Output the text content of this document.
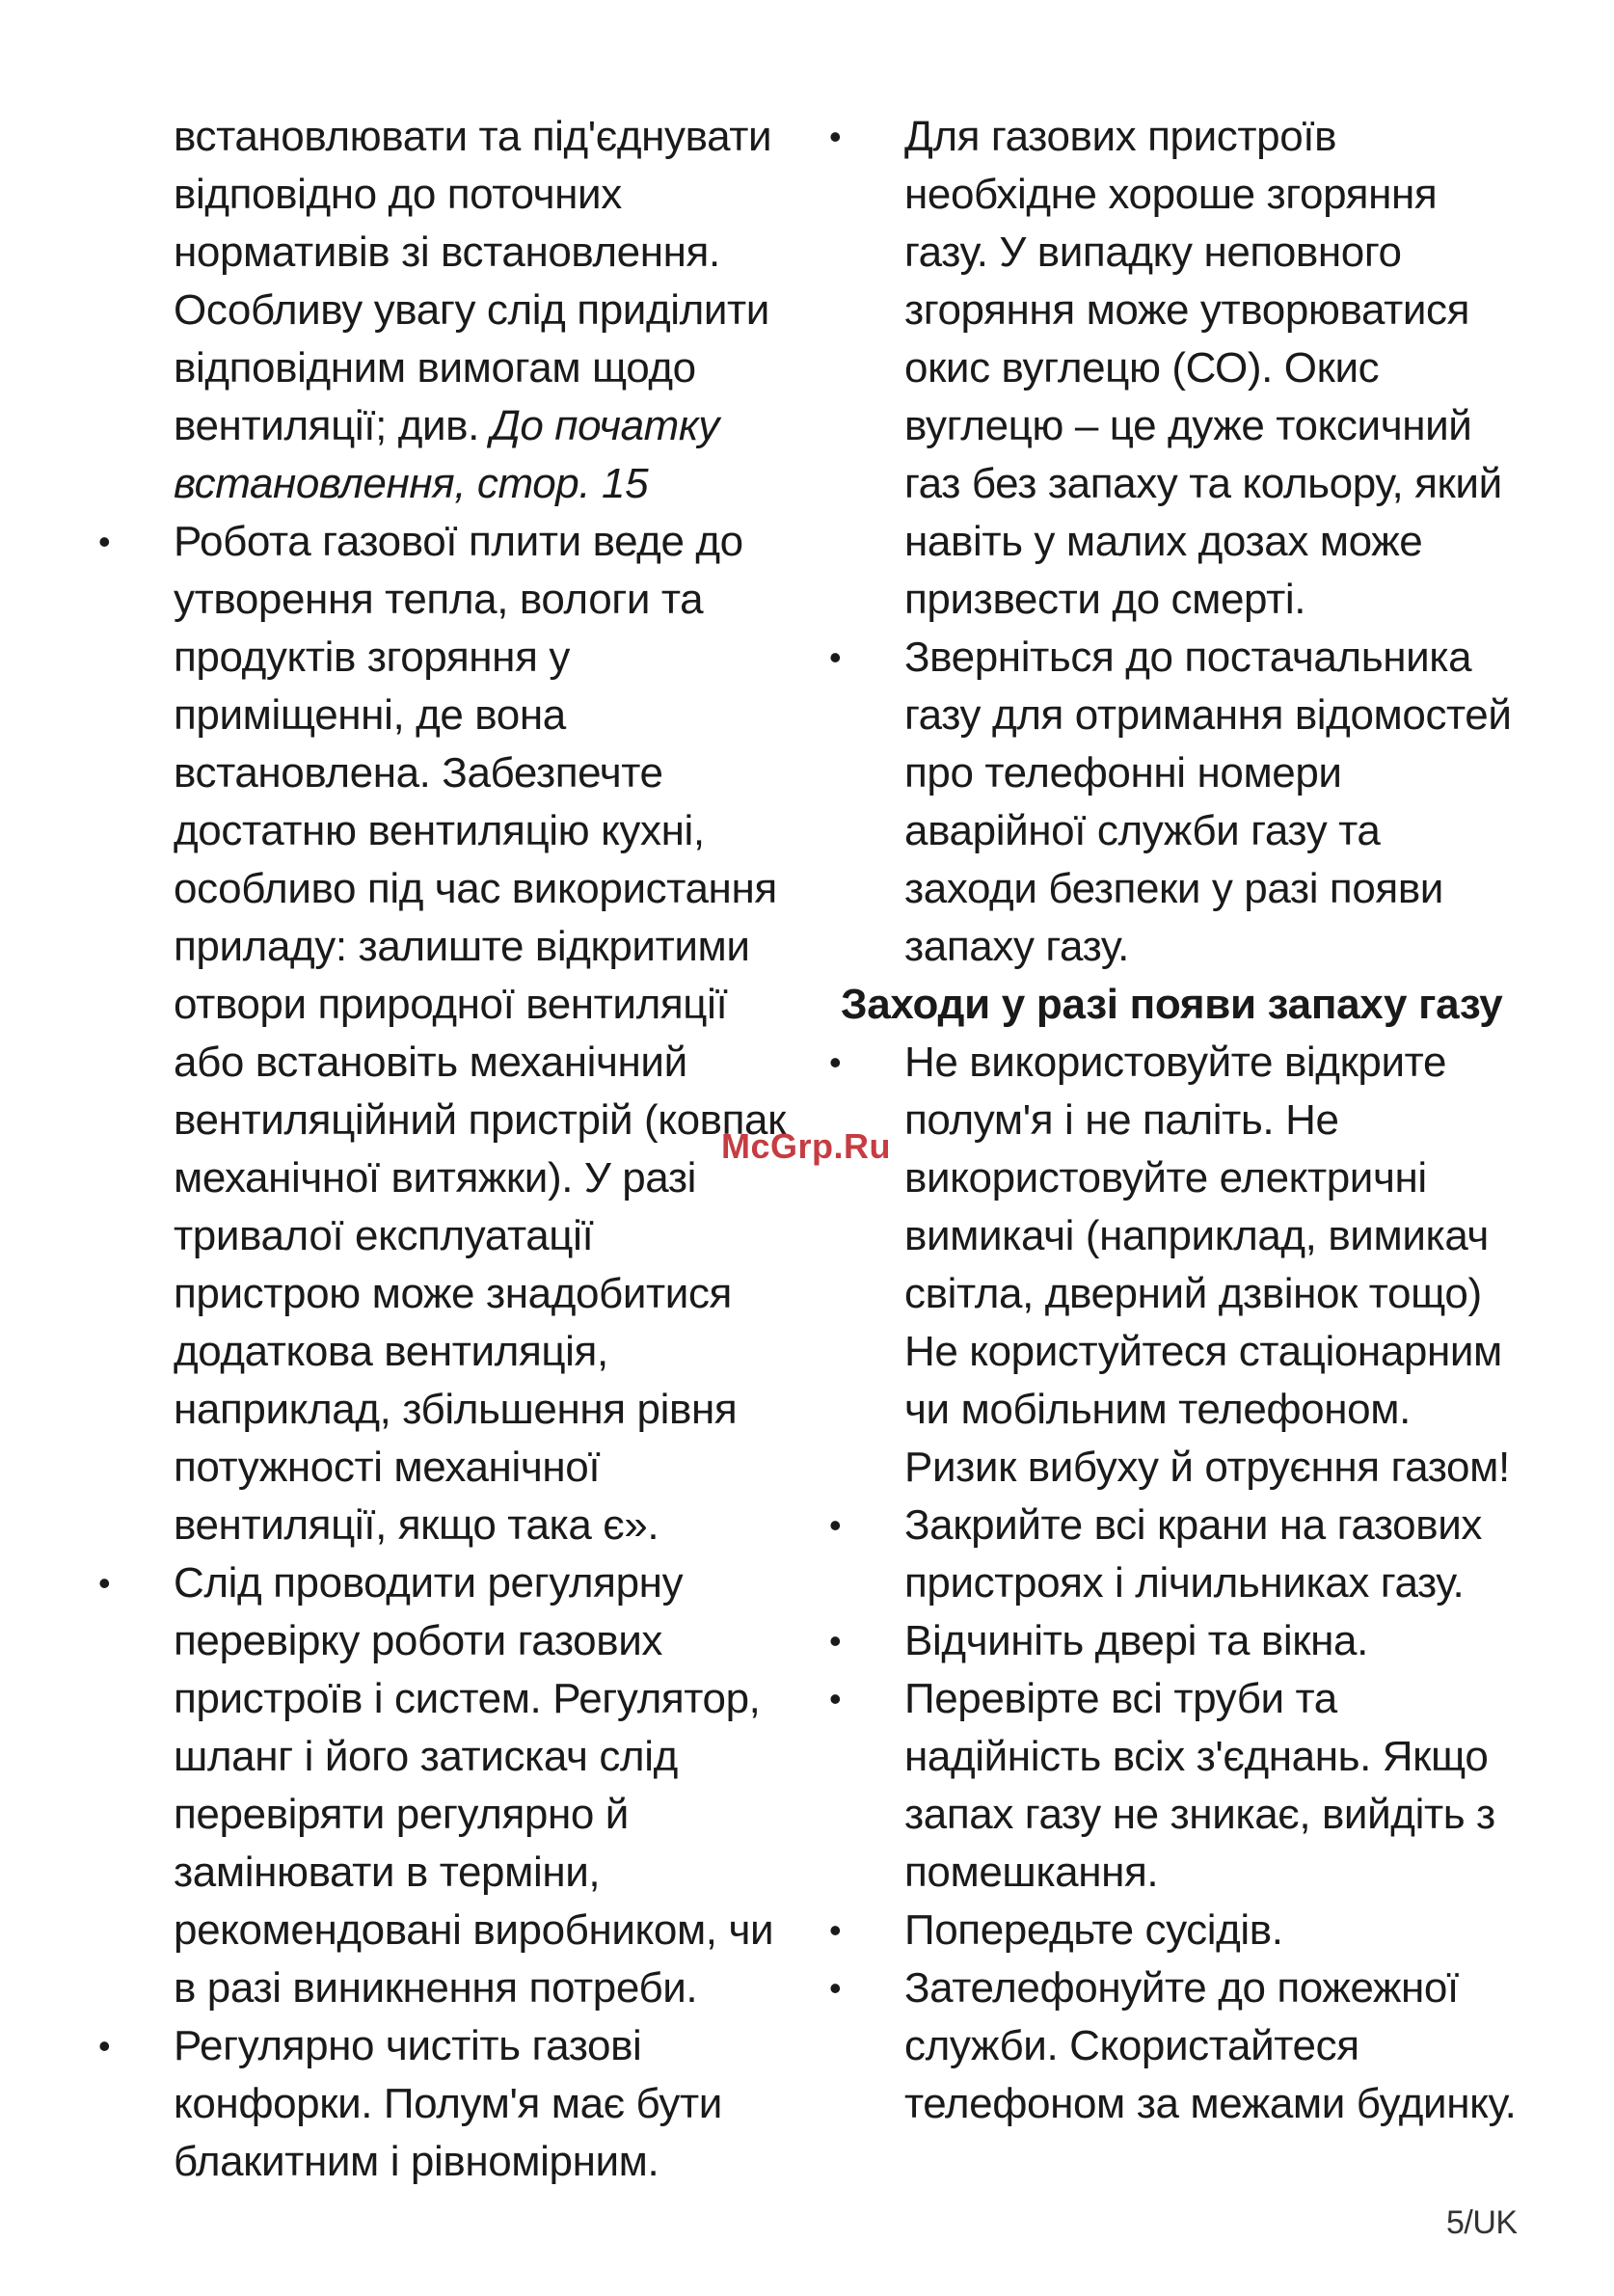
встановлювати та під'єднувати
відповідно до поточних
нормативів зі встановлення.
Особливу увагу слід приділити
відповідним вимогам щодо
вентиляції; див. До початку
встановлення, стор. 15
•	Робота газової плити веде до
утворення тепла, вологи та
продуктів згоряння у
приміщенні, де вона
встановлена. Забезпечте
достатню вентиляцію кухні,
особливо під час використання
приладу: залиште відкритими
отвори природної вентиляції
або встановіть механічний
вентиляційний пристрій (ковпак
механічної витяжки). У разі
тривалої експлуатації
пристрою може знадобитися
додаткова вентиляція,
наприклад, збільшення рівня
потужності механічної
вентиляції, якщо така є».
•	Слід проводити регулярну
перевірку роботи газових
пристроїв і систем. Регулятор,
шланг і його затискач слід
перевіряти регулярно й
замінювати в терміни,
рекомендовані виробником, чи
в разі виникнення потреби.
•	Регулярно чистіть газові
конфорки. Полум'я має бути
блакитним і рівномірним.
•	Для газових пристроїв
необхідне хороше згоряння
газу. У випадку неповного
згоряння може утворюватися
окис вуглецю (СО). Окис
вуглецю – це дуже токсичний
газ без запаху та кольору, який
навіть у малих дозах може
призвести до смерті.
•	Зверніться до постачальника
газу для отримання відомостей
про телефонні номери
аварійної служби газу та
заходи безпеки у разі появи
запаху газу.
Заходи у разі появи запаху газу
•	Не використовуйте відкрите
полум'я і не паліть. Не
використовуйте електричні
вимикачі (наприклад, вимикач
світла, дверний дзвінок тощо)
Не користуйтеся стаціонарним
чи мобільним телефоном.
Ризик вибуху й отруєння газом!
•	Закрийте всі крани на газових
пристроях і лічильниках газу.
•	Відчиніть двері та вікна.
•	Перевірте всі труби та
надійність всіх з'єднань. Якщо
запах газу не зникає, вийдіть з
помешкання.
•	Попередьте сусідів.
•	Зателефонуйте до пожежної
служби. Скористайтеся
телефоном за межами будинку.
McGrp.Ru
5/UK
